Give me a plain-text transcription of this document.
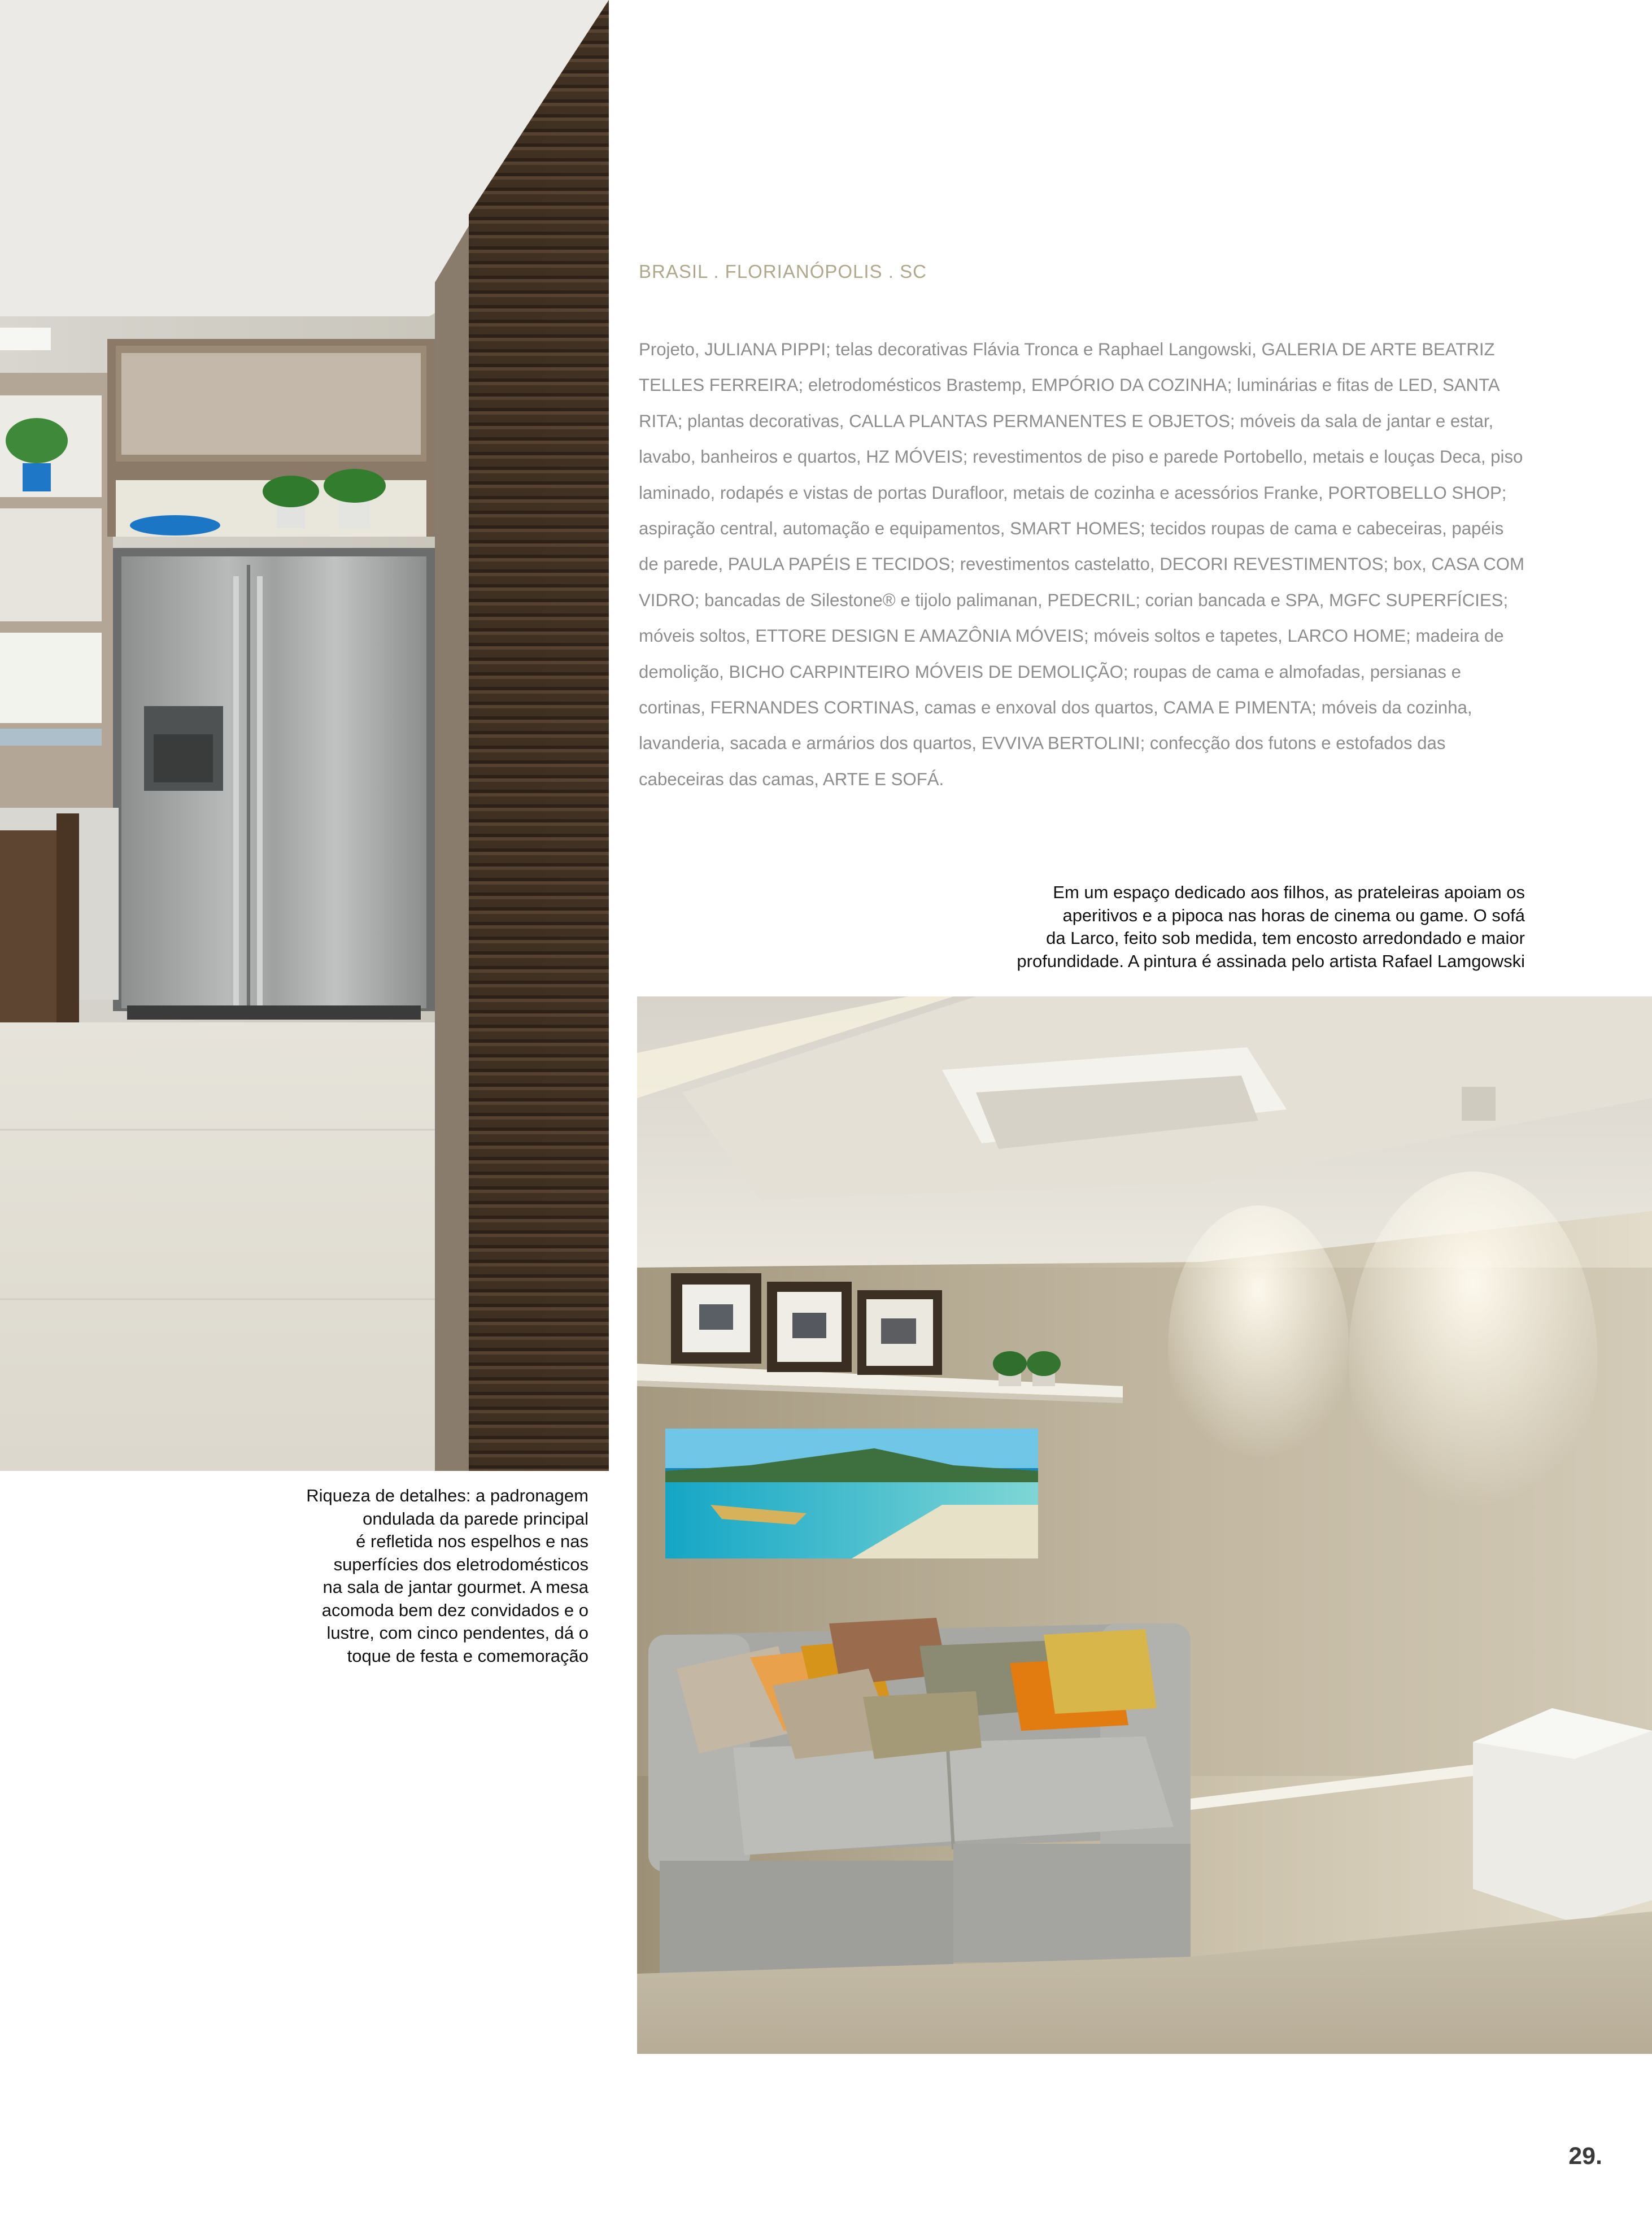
BRASIL . FLORIANÓPOLIS . SC

Projeto, JULIANA PIPPI; telas decorativas Flávia Tronca e Raphael Langowski, GALERIA DE ARTE BEATRIZ TELLES FERREIRA; eletrodomésticos Brastemp, EMPÓRIO DA COZINHA; luminárias e fitas de LED, SANTA RITA; plantas decorativas, CALLA PLANTAS PERMANENTES E OBJETOS; móveis da sala de jantar e estar, lavabo, banheiros e quartos, HZ MÓVEIS; revestimentos de piso e parede Portobello, metais e louças Deca, piso laminado, rodapés e vistas de portas Durafloor, metais de cozinha e acessórios Franke, PORTOBELLO SHOP; aspiração central, automação e equipamentos, SMART HOMES; tecidos roupas de cama e cabeceiras, papéis de parede, PAULA PAPÉIS E TECIDOS; revestimentos castelatto, DECORI REVESTIMENTOS; box, CASA COM VIDRO; bancadas de Silestone® e tijolo palimanan, PEDECRIL; corian bancada e SPA, MGFC SUPERFÍCIES; móveis soltos, ETTORE DESIGN E AMAZÔNIA MÓVEIS; móveis soltos e tapetes, LARCO HOME; madeira de demolição, BICHO CARPINTEIRO MÓVEIS DE DEMOLIÇÃO; roupas de cama e almofadas, persianas e cortinas, FERNANDES CORTINAS, camas e enxoval dos quartos, CAMA E PIMENTA; móveis da cozinha, lavanderia, sacada e armários dos quartos, EVVIVA BERTOLINI; confecção dos futons e estofados das cabeceiras das camas, ARTE E SOFÁ.

Em um espaço dedicado aos filhos, as prateleiras apoiam os
aperitivos e a pipoca nas horas de cinema ou game. O sofá
da Larco, feito sob medida, tem encosto arredondado e maior
profundidade. A pintura é assinada pelo artista Rafael Lamgowski

Riqueza de detalhes: a padronagem
ondulada da parede principal
é refletida nos espelhos e nas
superfícies dos eletrodomésticos
na sala de jantar gourmet. A mesa
acomoda bem dez convidados e o
lustre, com cinco pendentes, dá o
toque de festa e comemoração

29.
